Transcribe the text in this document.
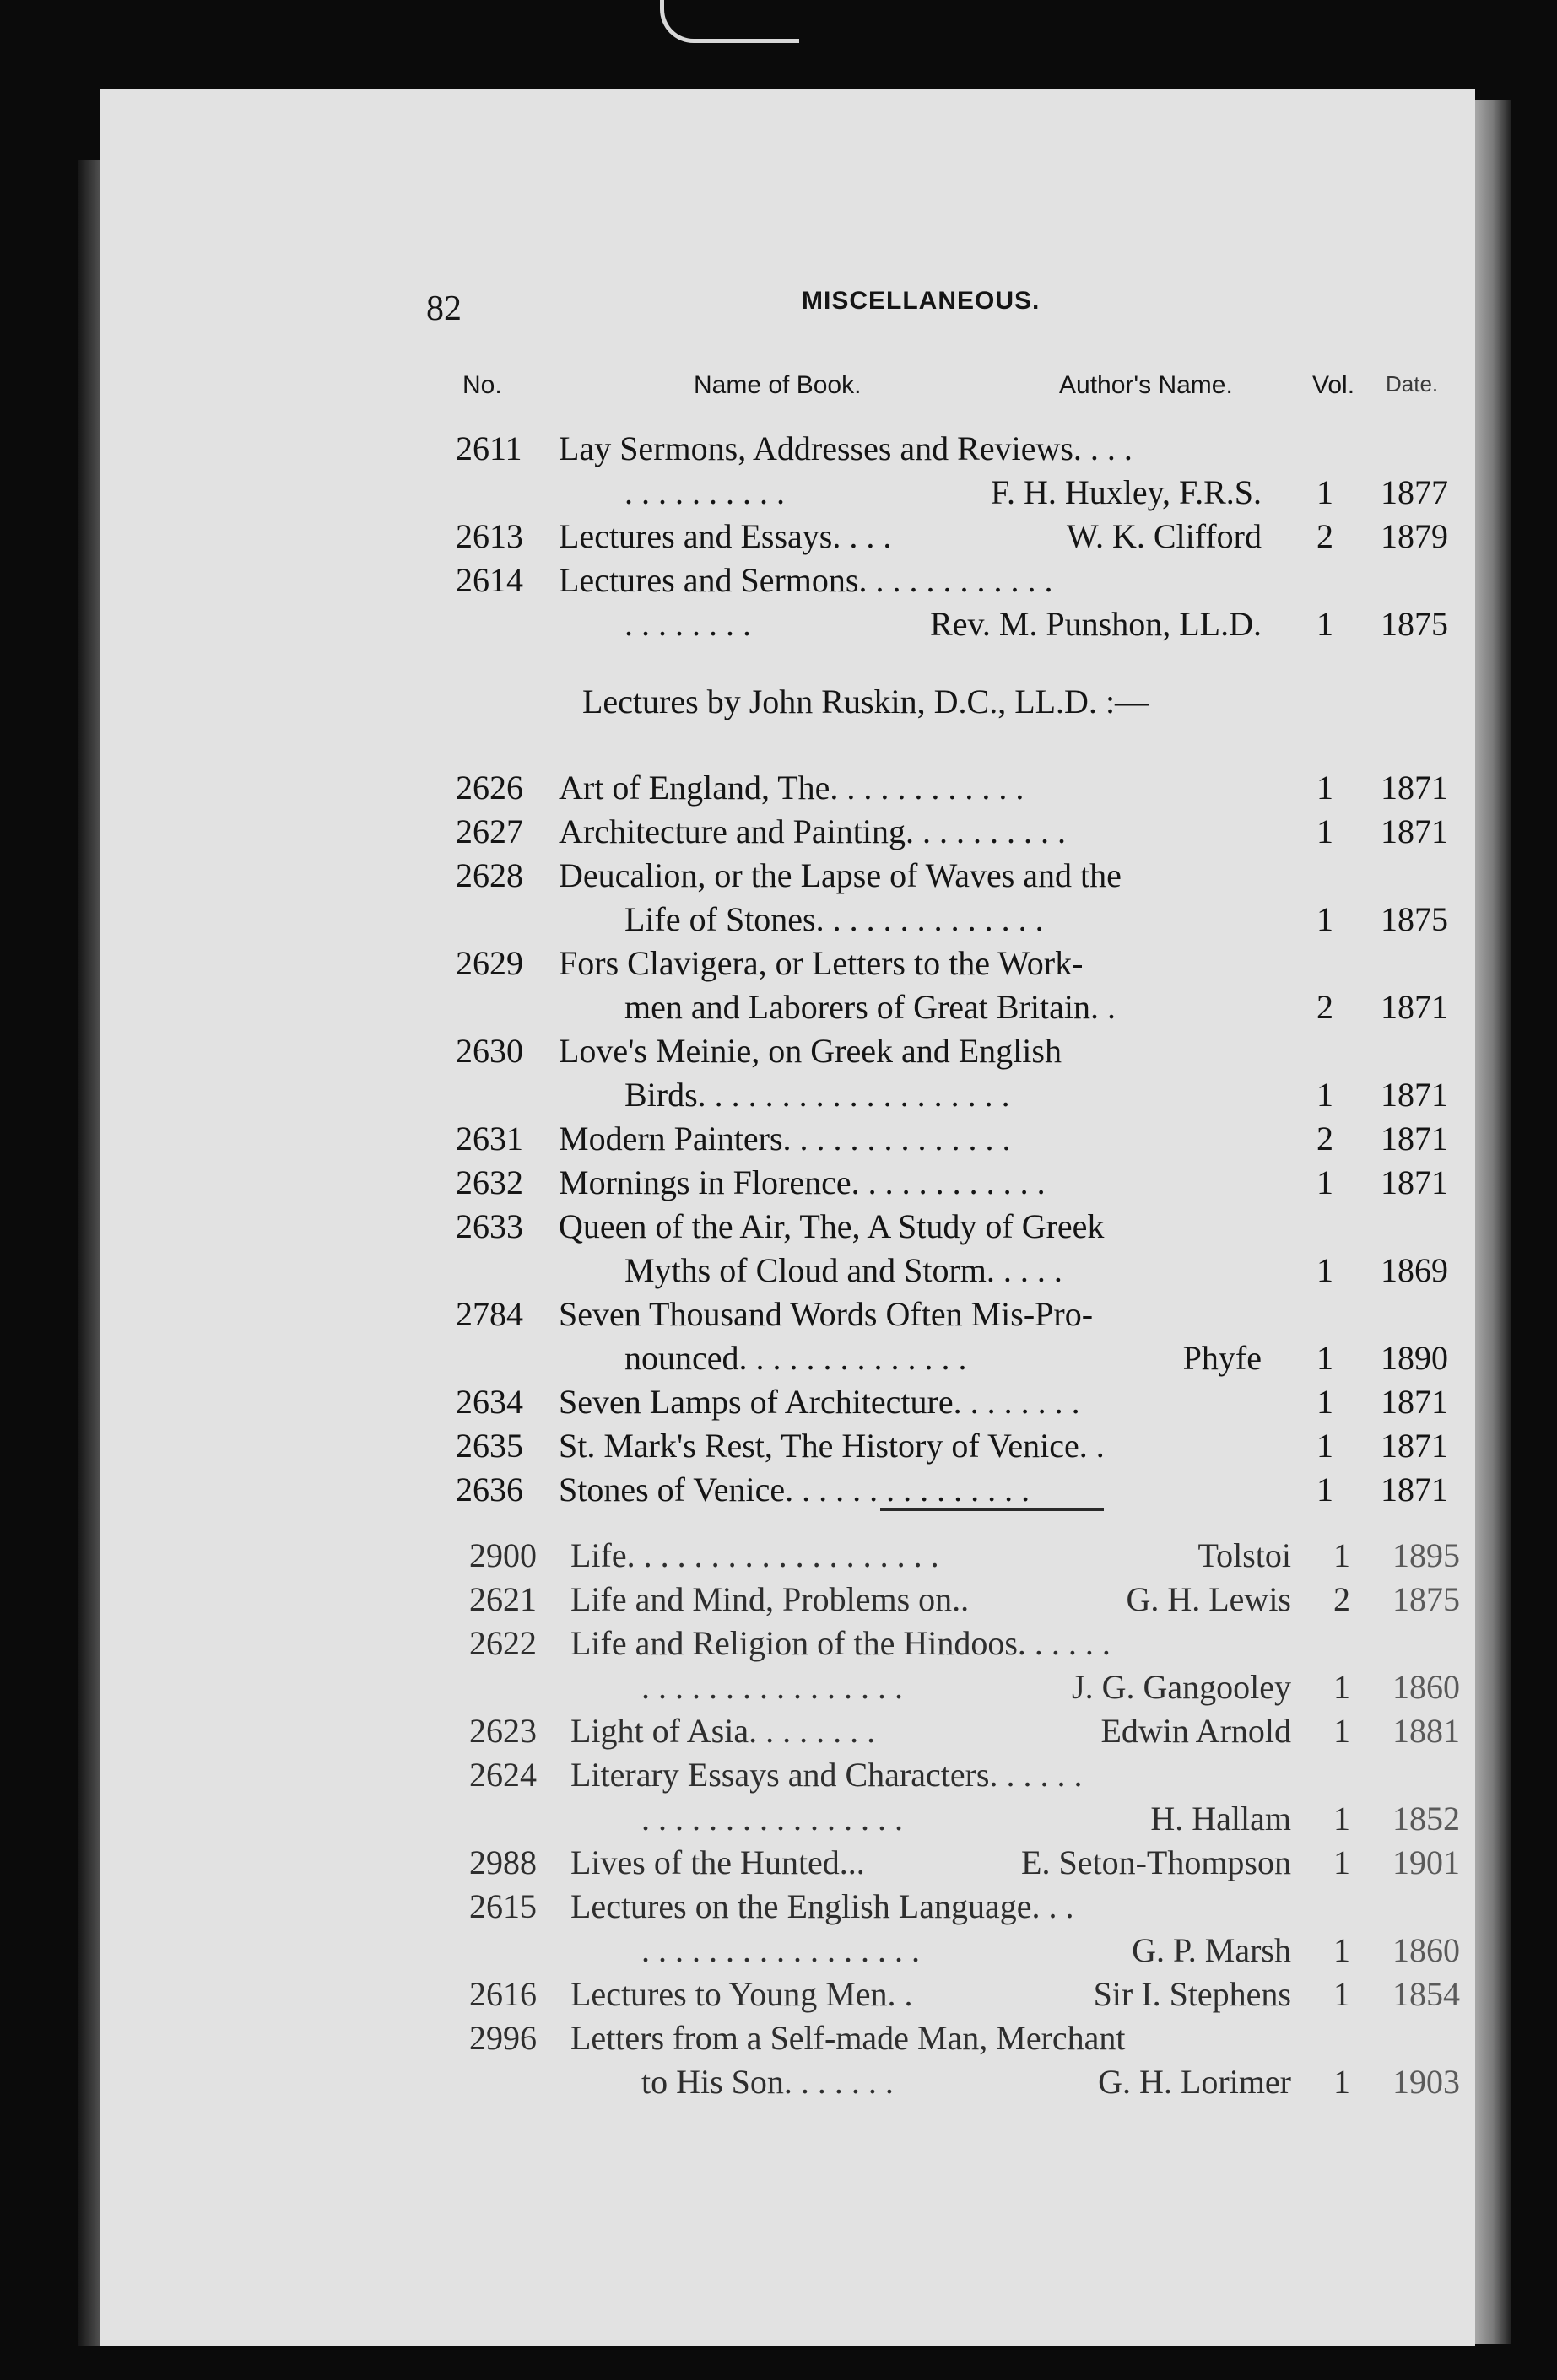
82	MISCELLANEOUS.
No.	Name of Book.	Author's Name.	Vol. Date.
Lectures by John Ruskin, D.C., LL.D. :—
2611 Lay Sermons, Addresses and Reviews. . . .
. . . . . . . . . .	F. H. Huxley, F.R.S. 1 1877
2613 Lectures and Essays. . . .	W. K. Clifford 2 1879
2614 Lectures and Sermons. . . . . . . . . . . .
. . . . . . . .	Rev. M. Punshon, LL.D. 1 1875
2626 Art of England, The. . . . . . . . . . . .	1 1871
2627 Architecture and Painting. . . . . . . . . .	1 1871
2628 Deucalion, or the Lapse of Waves and the
Life of Stones. . . . . . . . . . . . . .	1 1875
2629 Fors Clavigera, or Letters to the Work-
men and Laborers of Great Britain. .	2 1871
2630 Love's Meinie, on Greek and English
Birds. . . . . . . . . . . . . . . . . . .	1 1871
2631 Modern Painters. . . . . . . . . . . . . .	2 1871
2632 Mornings in Florence. . . . . . . . . . . .	1 1871
2633 Queen of the Air, The, A Study of Greek
Myths of Cloud and Storm. . . . .	1 1869
2784 Seven Thousand Words Often Mis-Pro-
nounced. . . . . . . . . . . . . .	Phyfe 1 1890
2634 Seven Lamps of Architecture. . . . . . . .	1 1871
2635 St. Mark's Rest, The History of Venice. .	1 1871
2636 Stones of Venice. . . . . . . . . . . . . . .	1 1871
2900 Life. . . . . . . . . . . . . . . . . . .	Tolstoi 1 1895
2621 Life and Mind, Problems on..	G. H. Lewis 2 1875
2622 Life and Religion of the Hindoos. . . . . .
. . . . . . . . . . . . . . . .	J. G. Gangooley 1 1860
2623 Light of Asia. . . . . . . .	Edwin Arnold 1 1881
2624 Literary Essays and Characters. . . . . .
. . . . . . . . . . . . . . . .	H. Hallam 1 1852
2988 Lives of the Hunted...	E. Seton-Thompson 1 1901
2615 Lectures on the English Language. . .
. . . . . . . . . . . . . . . . .	G. P. Marsh 1 1860
2616 Lectures to Young Men. .	Sir I. Stephens 1 1854
2996 Letters from a Self-made Man, Merchant
to His Son. . . . . . .	G. H. Lorimer 1 1903
